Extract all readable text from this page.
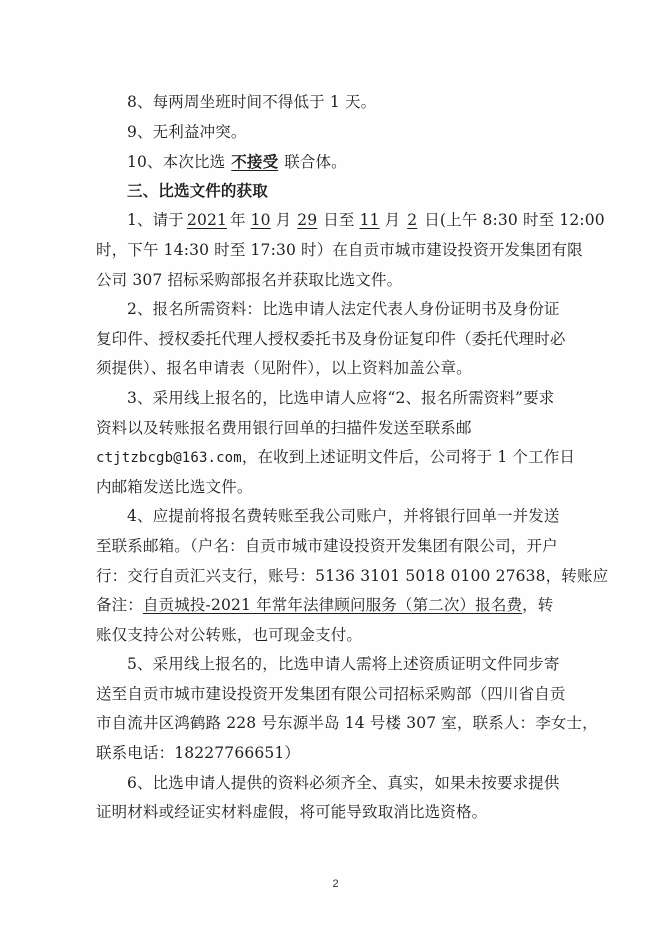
8、每两周坐班时间不得低于 1 天。
9、无利益冲突。
10、本次比选 不接受 联合体。
三、比选文件的获取
1、请于 2021 年 10 月 29 日至 11 月 2 日(上午 8:30 时至 12:00
时，下午 14:30 时至 17:30 时）在自贡市城市建设投资开发集团有限
公司 307 招标采购部报名并获取比选文件。
2、报名所需资料：比选申请人法定代表人身份证明书及身份证
复印件、授权委托代理人授权委托书及身份证复印件（委托代理时必
须提供）、报名申请表（见附件），以上资料加盖公章。
3、采用线上报名的，比选申请人应将“2、报名所需资料”要求
资料以及转账报名费用银行回单的扫描件发送至联系邮
ctjtzbcgb@163.com，在收到上述证明文件后，公司将于 1 个工作日
内邮箱发送比选文件。
4、应提前将报名费转账至我公司账户，并将银行回单一并发送
至联系邮箱。（户名：自贡市城市建设投资开发集团有限公司，开户
行：交行自贡汇兴支行，账号：5136 3101 5018 0100 27638，转账应
备注：自贡城投-2021 年常年法律顾问服务（第二次）报名费，转
账仅支持公对公转账，也可现金支付。
5、采用线上报名的，比选申请人需将上述资质证明文件同步寄
送至自贡市城市建设投资开发集团有限公司招标采购部（四川省自贡
市自流井区鸿鹤路 228 号东源半岛 14 号楼 307 室，联系人：李女士，
联系电话：18227766651）
6、比选申请人提供的资料必须齐全、真实，如果未按要求提供
证明材料或经证实材料虚假，将可能导致取消比选资格。
2
